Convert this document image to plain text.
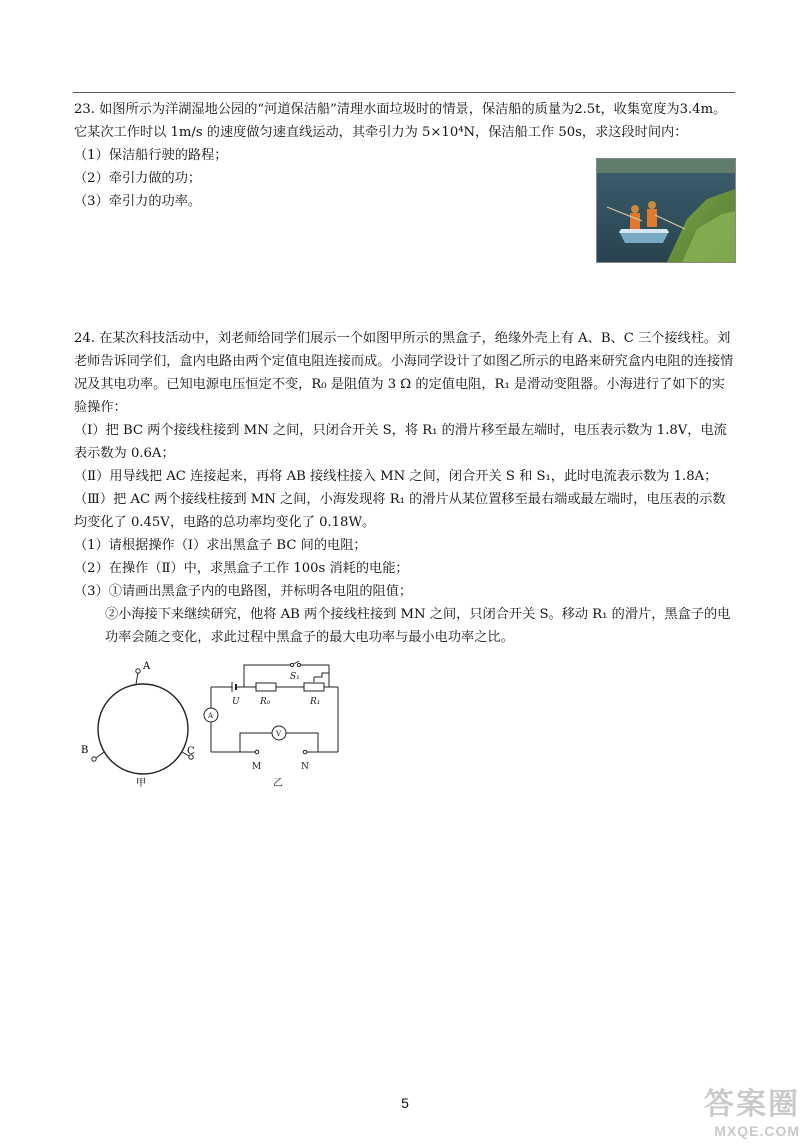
23. 如图所示为洋湖湿地公园的“河道保洁船”清理水面垃圾时的情景，保洁船的质量为2.5t，收集宽度为3.4m。它某次工作时以 1m/s 的速度做匀速直线运动，其牵引力为 5×10⁴N，保洁船工作 50s，求这段时间内：
（1）保洁船行驶的路程；
（2）牵引力做的功；
（3）牵引力的功率。
24. 在某次科技活动中，刘老师给同学们展示一个如图甲所示的黑盒子，绝缘外壳上有 A、B、C 三个接线柱。刘老师告诉同学们，盒内电路由两个定值电阻连接而成。小海同学设计了如图乙所示的电路来研究盒内电阻的连接情况及其电功率。已知电源电压恒定不变，R₀ 是阻值为 3 Ω 的定值电阻，R₁ 是滑动变阻器。小海进行了如下的实验操作：
（Ⅰ）把 BC 两个接线柱接到 MN 之间，只闭合开关 S，将 R₁ 的滑片移至最左端时，电压表示数为 1.8V，电流表示数为 0.6A；
（Ⅱ）用导线把 AC 连接起来，再将 AB 接线柱接入 MN 之间，闭合开关 S 和 S₁，此时电流表示数为 1.8A；
（Ⅲ）把 AC 两个接线柱接到 MN 之间，小海发现将 R₁ 的滑片从某位置移至最右端或最左端时，电压表的示数均变化了 0.45V，电路的总功率均变化了 0.18W。
（1）请根据操作（Ⅰ）求出黑盒子 BC 间的电阻；
（2）在操作（Ⅱ）中，求黑盒子工作 100s 消耗的电能；
（3）①请画出黑盒子内的电路图，并标明各电阻的阻值；
②小海接下来继续研究，他将 AB 两个接线柱接到 MN 之间，只闭合开关 S。移动 R₁ 的滑片，黑盒子的电功率会随之变化，求此过程中黑盒子的最大电功率与最小电功率之比。
A
B	C
甲
S₁
U R₀	R₁
A
V
M	N
乙
5	答案圈
MXQE.COM
